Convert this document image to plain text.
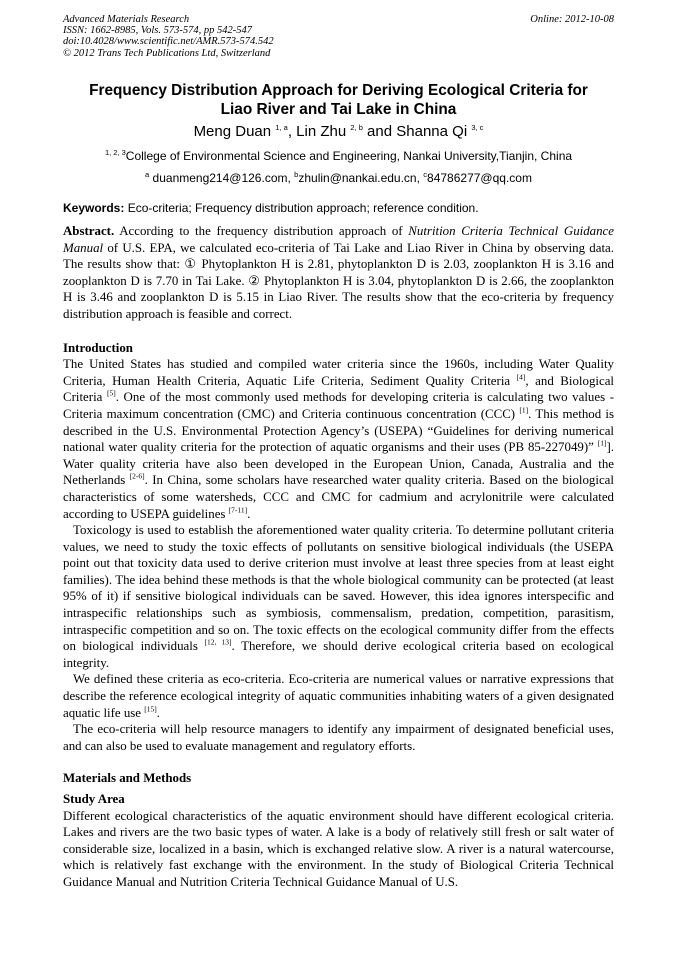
Advanced Materials Research
ISSN: 1662-8985, Vols. 573-574, pp 542-547
doi:10.4028/www.scientific.net/AMR.573-574.542
© 2012 Trans Tech Publications Ltd, Switzerland
Online: 2012-10-08
Frequency Distribution Approach for Deriving Ecological Criteria for
Liao River and Tai Lake in China
Meng Duan $^{1, a}$, Lin Zhu $^{2, b}$ and Shanna Qi $^{3, c}$
$^{1, 2, 3}$College of Environmental Science and Engineering, Nankai University,Tianjin, China
$^a$ duanmeng214@126.com, $^b$zhulin@nankai.edu.cn, $^c$84786277@qq.com
Keywords: Eco-criteria; Frequency distribution approach; reference condition.

Abstract. According to the frequency distribution approach of Nutrition Criteria Technical Guidance Manual of U.S. EPA, we calculated eco-criteria of Tai Lake and Liao River in China by observing data. The results show that: ① Phytoplankton H is 2.81, phytoplankton D is 2.03, zooplankton H is 3.16 and zooplankton D is 7.70 in Tai Lake. ② Phytoplankton H is 3.04, phytoplankton D is 2.66, the zooplankton H is 3.46 and zooplankton D is 5.15 in Liao River. The results show that the eco-criteria by frequency distribution approach is feasible and correct.

Introduction

The United States has studied and compiled water criteria since the 1960s, including Water Quality Criteria, Human Health Criteria, Aquatic Life Criteria, Sediment Quality Criteria [4], and Biological Criteria [5]. One of the most commonly used methods for developing criteria is calculating two values - Criteria maximum concentration (CMC) and Criteria continuous concentration (CCC) [1]. This method is described in the U.S. Environmental Protection Agency’s (USEPA) “Guidelines for deriving numerical national water quality criteria for the protection of aquatic organisms and their uses (PB 85-227049)” [1]]. Water quality criteria have also been developed in the European Union, Canada, Australia and the Netherlands [2-6]. In China, some scholars have researched water quality criteria. Based on the biological characteristics of some watersheds, CCC and CMC for cadmium and acrylonitrile were calculated according to USEPA guidelines [7-11].

Toxicology is used to establish the aforementioned water quality criteria. To determine pollutant criteria values, we need to study the toxic effects of pollutants on sensitive biological individuals (the USEPA point out that toxicity data used to derive criterion must involve at least three species from at least eight families). The idea behind these methods is that the whole biological community can be protected (at least 95% of it) if sensitive biological individuals can be saved. However, this idea ignores interspecific and intraspecific relationships such as symbiosis, commensalism, predation, competition, parasitism, intraspecific competition and so on. The toxic effects on the ecological community differ from the effects on biological individuals [12, 13]. Therefore, we should derive ecological criteria based on ecological integrity.

We defined these criteria as eco-criteria. Eco-criteria are numerical values or narrative expressions that describe the reference ecological integrity of aquatic communities inhabiting waters of a given designated aquatic life use [15].

The eco-criteria will help resource managers to identify any impairment of designated beneficial uses, and can also be used to evaluate management and regulatory efforts.

Materials and Methods
Study Area

Different ecological characteristics of the aquatic environment should have different ecological criteria. Lakes and rivers are the two basic types of water. A lake is a body of relatively still fresh or salt water of considerable size, localized in a basin, which is exchanged relative slow. A river is a natural watercourse, which is relatively fast exchange with the environment. In the study of Biological Criteria Technical Guidance Manual and Nutrition Criteria Technical Guidance Manual of U.S.
